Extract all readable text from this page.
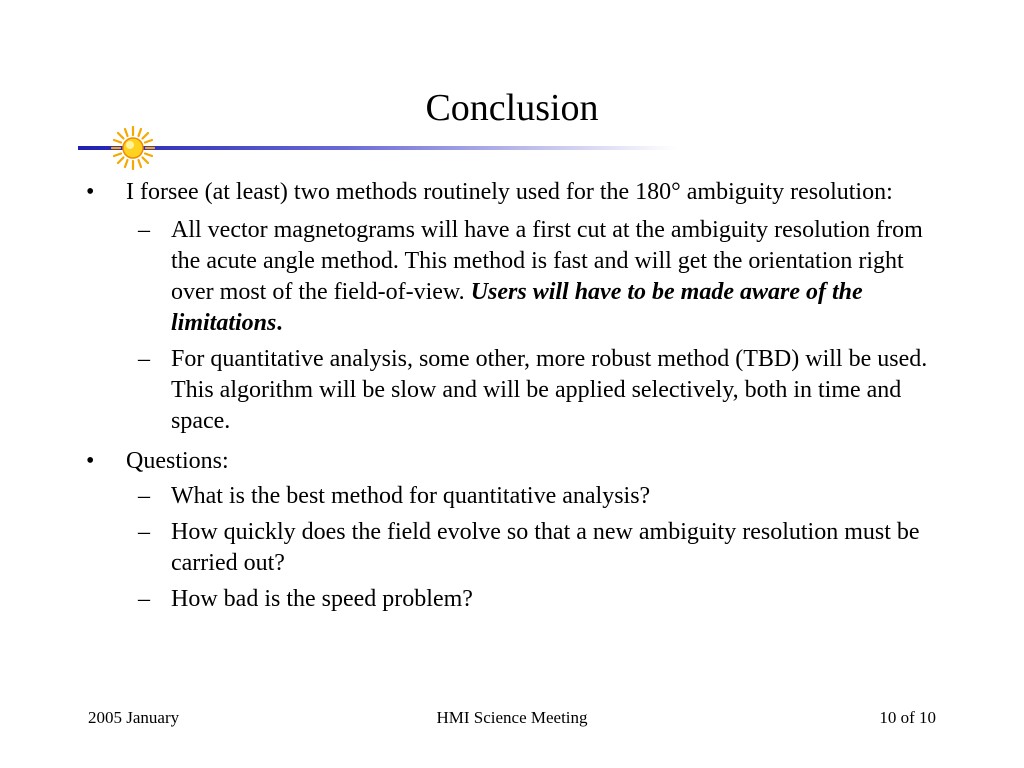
Conclusion
•	I forsee (at least) two methods routinely used for the 180° ambiguity resolution:
– All vector magnetograms will have a first cut at the ambiguity resolution from the acute angle method. This method is fast and will get the orientation right over most of the field-of-view. Users will have to be made aware of the limitations.
– For quantitative analysis, some other, more robust method (TBD) will be used. This algorithm will be slow and will be applied selectively, both in time and space.
•	Questions:
– What is the best method for quantitative analysis?
– How quickly does the field evolve so that a new ambiguity resolution must be carried out?
– How bad is the speed problem?
HMI Science Meeting
2005 January	10 of 10
